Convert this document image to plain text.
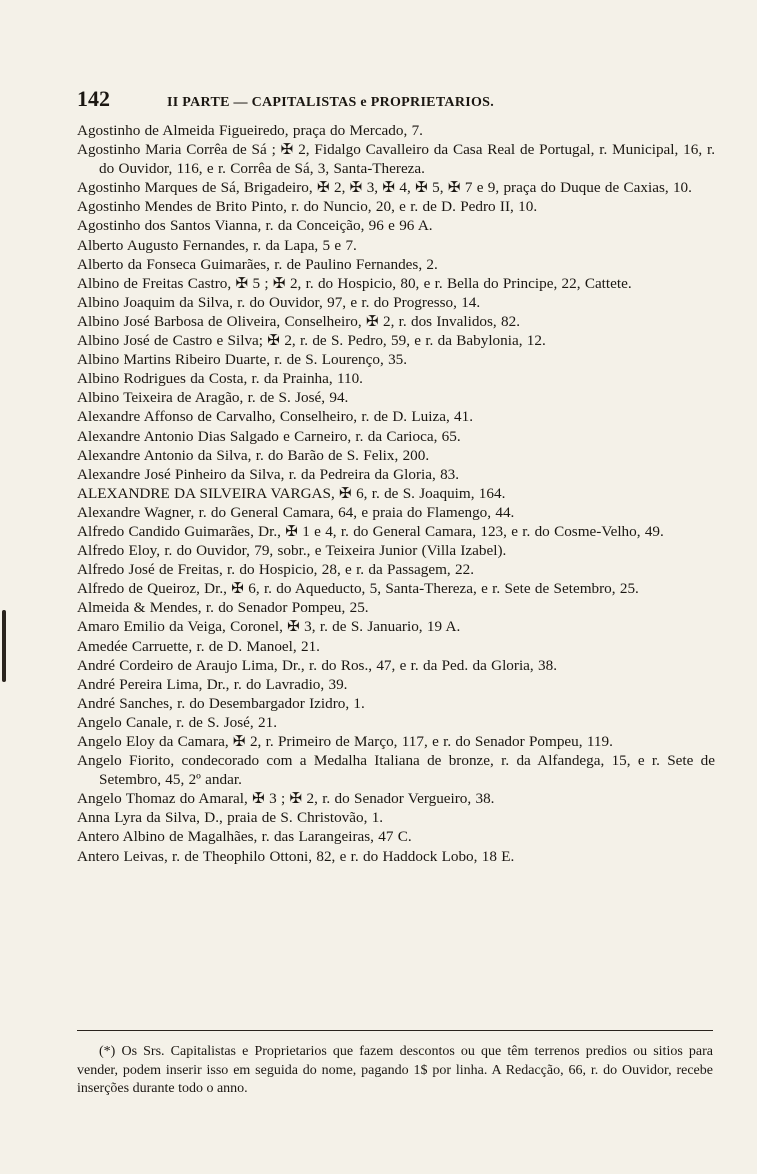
142	II PARTE — CAPITALISTAS e PROPRIETARIOS.
Agostinho de Almeida Figueiredo, praça do Mercado, 7.
Agostinho Maria Corrêa de Sá ; ✠ 2, Fidalgo Cavalleiro da Casa Real de Portugal, r. Municipal, 16, r. do Ouvidor, 116, e r. Corrêa de Sá, 3, Santa-Thereza.
Agostinho Marques de Sá, Brigadeiro, ✠ 2, ✠ 3, ✠ 4, ✠ 5, ✠ 7 e 9, praça do Duque de Caxias, 10.
Agostinho Mendes de Brito Pinto, r. do Nuncio, 20, e r. de D. Pedro II, 10.
Agostinho dos Santos Vianna, r. da Conceição, 96 e 96 A.
Alberto Augusto Fernandes, r. da Lapa, 5 e 7.
Alberto da Fonseca Guimarães, r. de Paulino Fernandes, 2.
Albino de Freitas Castro, ✠ 5 ; ✠ 2, r. do Hospicio, 80, e r. Bella do Principe, 22, Cattete.
Albino Joaquim da Silva, r. do Ouvidor, 97, e r. do Progresso, 14.
Albino José Barbosa de Oliveira, Conselheiro, ✠ 2, r. dos Invalidos, 82.
Albino José de Castro e Silva; ✠ 2, r. de S. Pedro, 59, e r. da Babylonia, 12.
Albino Martins Ribeiro Duarte, r. de S. Lourenço, 35.
Albino Rodrigues da Costa, r. da Prainha, 110.
Albino Teixeira de Aragão, r. de S. José, 94.
Alexandre Affonso de Carvalho, Conselheiro, r. de D. Luiza, 41.
Alexandre Antonio Dias Salgado e Carneiro, r. da Carioca, 65.
Alexandre Antonio da Silva, r. do Barão de S. Felix, 200.
Alexandre José Pinheiro da Silva, r. da Pedreira da Gloria, 83.
ALEXANDRE DA SILVEIRA VARGAS, ✠ 6, r. de S. Joaquim, 164.
Alexandre Wagner, r. do General Camara, 64, e praia do Flamengo, 44.
Alfredo Candido Guimarães, Dr., ✠ 1 e 4, r. do General Camara, 123, e r. do Cosme-Velho, 49.
Alfredo Eloy, r. do Ouvidor, 79, sobr., e Teixeira Junior (Villa Izabel).
Alfredo José de Freitas, r. do Hospicio, 28, e r. da Passagem, 22.
Alfredo de Queiroz, Dr., ✠ 6, r. do Aqueducto, 5, Santa-Thereza, e r. Sete de Setembro, 25.
Almeida & Mendes, r. do Senador Pompeu, 25.
Amaro Emilio da Veiga, Coronel, ✠ 3, r. de S. Januario, 19 A.
Amedée Carruette, r. de D. Manoel, 21.
André Cordeiro de Araujo Lima, Dr., r. do Ros., 47, e r. da Ped. da Gloria, 38.
André Pereira Lima, Dr., r. do Lavradio, 39.
André Sanches, r. do Desembargador Izidro, 1.
Angelo Canale, r. de S. José, 21.
Angelo Eloy da Camara, ✠ 2, r. Primeiro de Março, 117, e r. do Senador Pompeu, 119.
Angelo Fiorito, condecorado com a Medalha Italiana de bronze, r. da Alfandega, 15, e r. Sete de Setembro, 45, 2º andar.
Angelo Thomaz do Amaral, ✠ 3 ; ✠ 2, r. do Senador Vergueiro, 38.
Anna Lyra da Silva, D., praia de S. Christovão, 1.
Antero Albino de Magalhães, r. das Larangeiras, 47 C.
Antero Leivas, r. de Theophilo Ottoni, 82, e r. do Haddock Lobo, 18 E.
(*) Os Srs. Capitalistas e Proprietarios que fazem descontos ou que têm terrenos predios ou sitios para vender, podem inserir isso em seguida do nome, pagando 1$ por linha. A Redacção, 66, r. do Ouvidor, recebe inserções durante todo o anno.
